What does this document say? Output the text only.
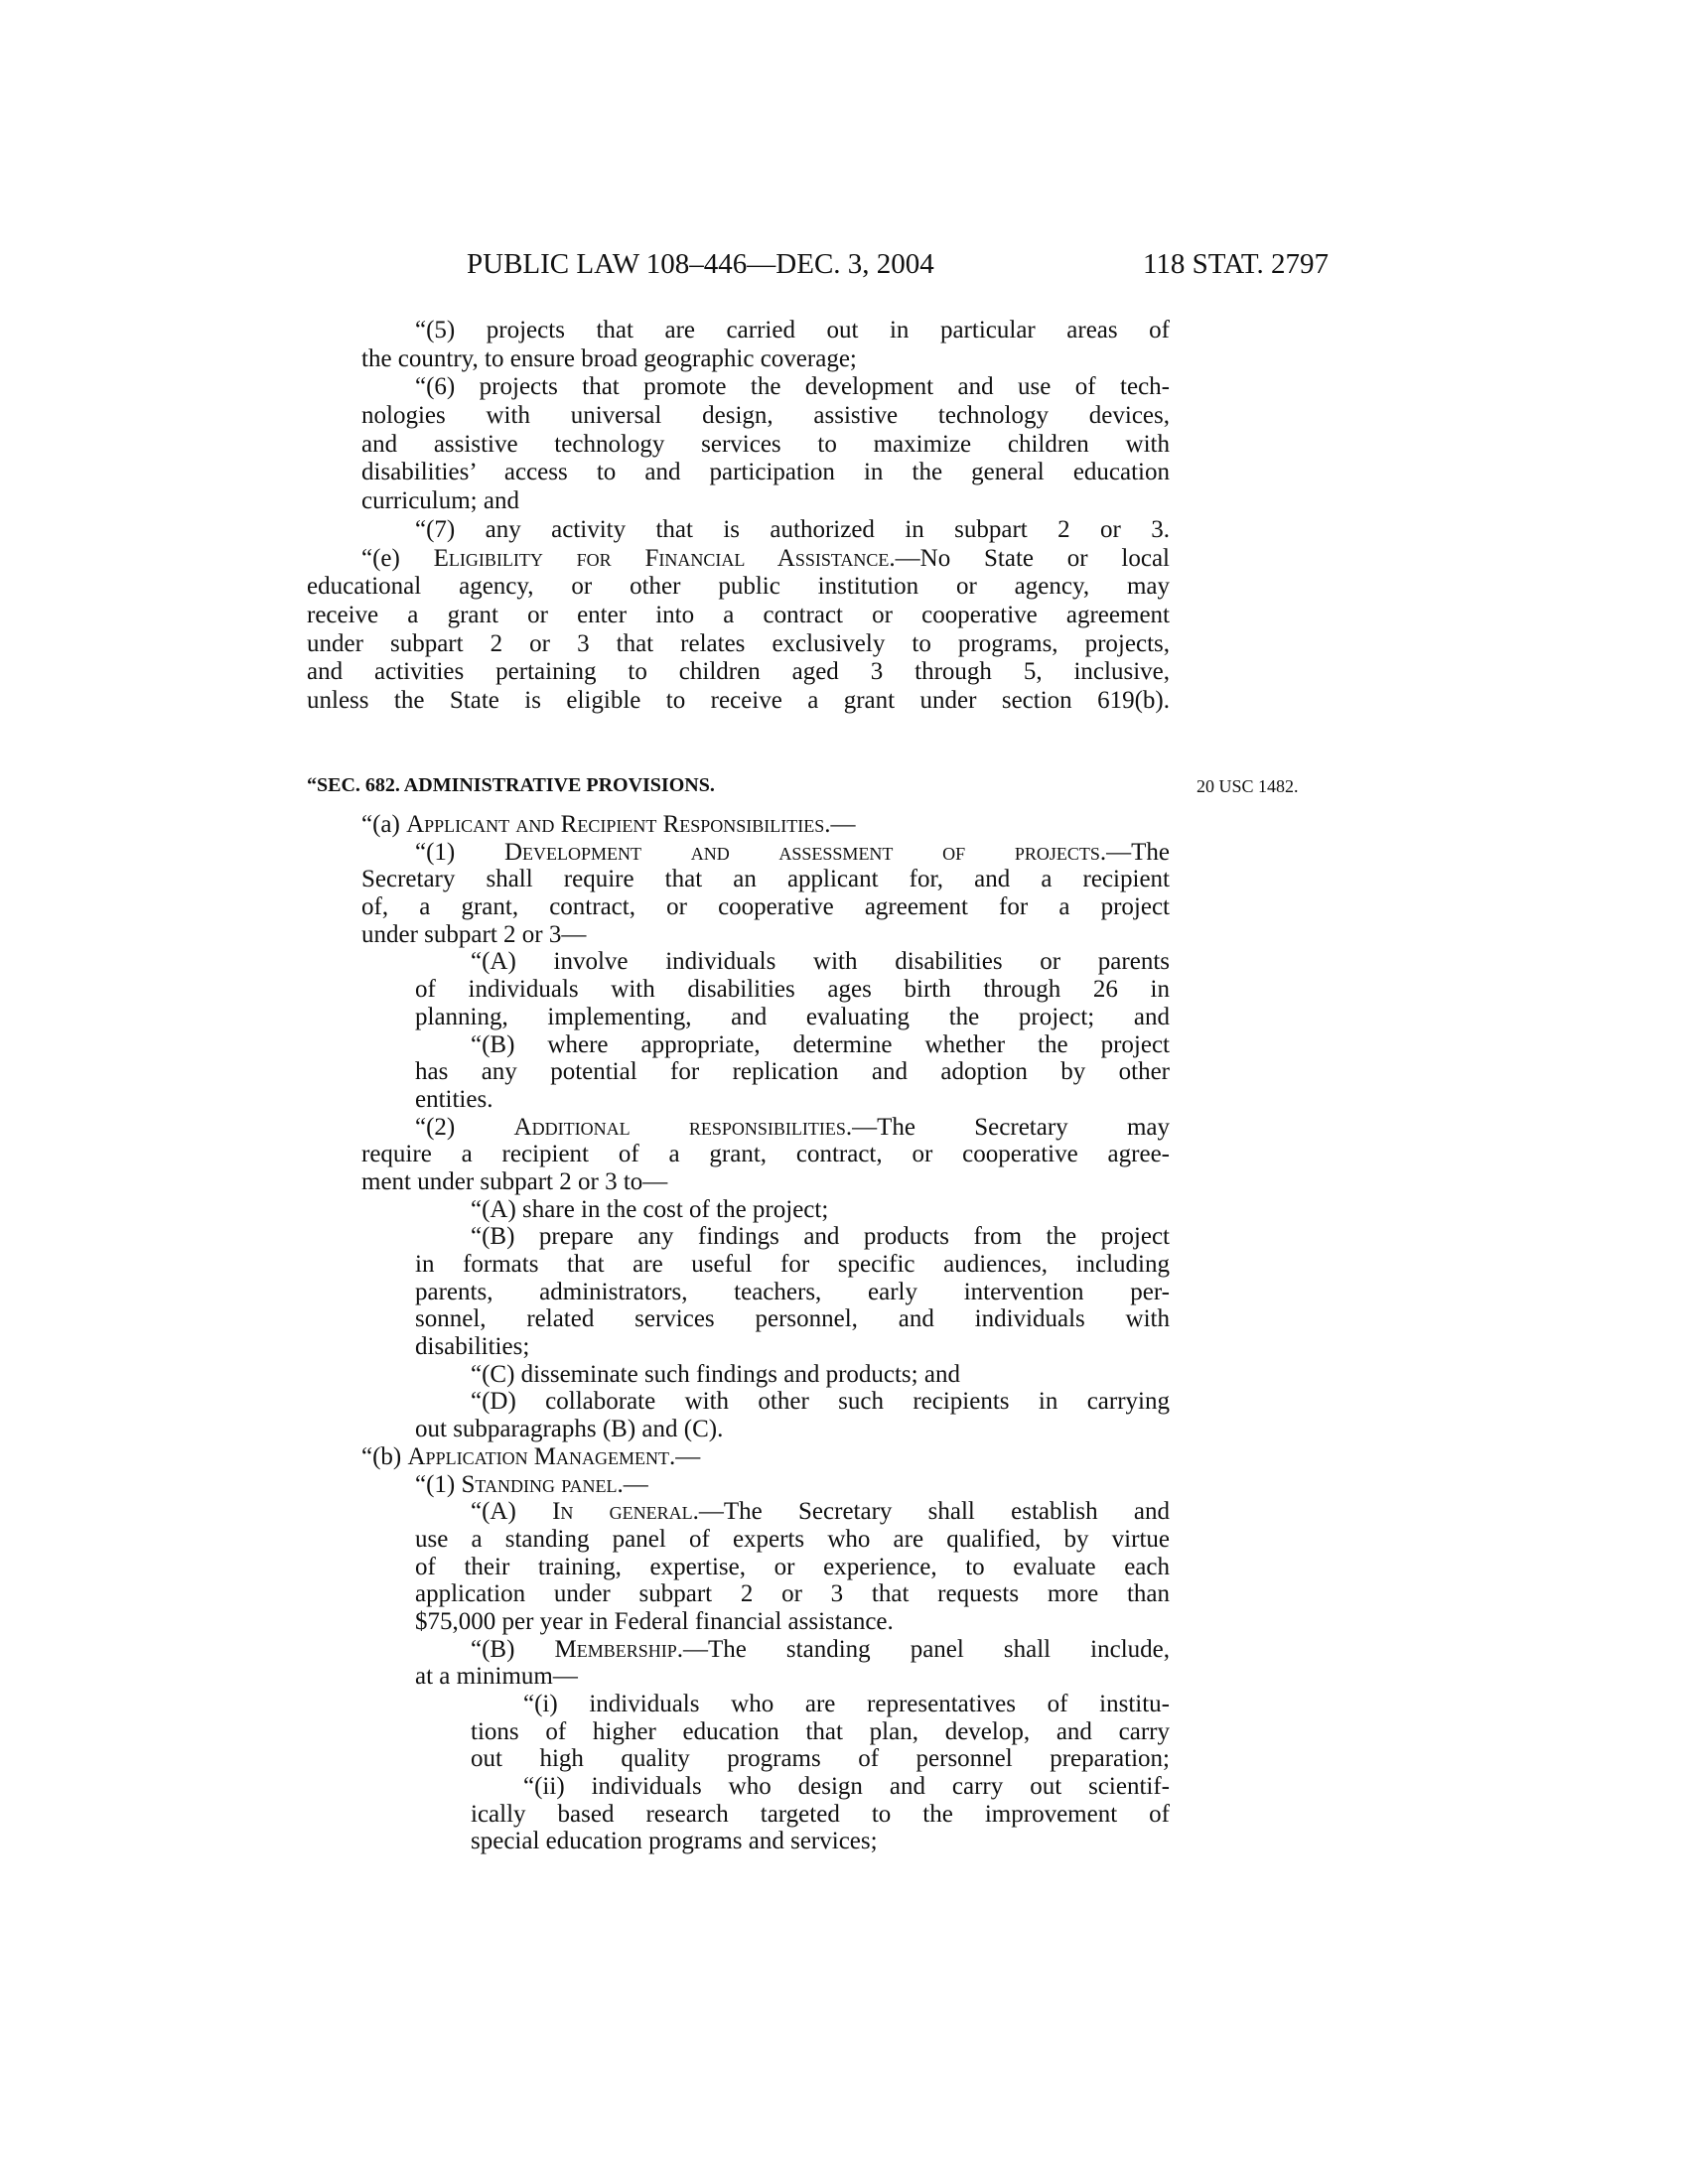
PUBLIC LAW 108–446—DEC. 3, 2004	118 STAT. 2797
“(5) projects that are carried out in particular areas of
the country, to ensure broad geographic coverage;
“(6) projects that promote the development and use of tech-
nologies with universal design, assistive technology devices,
and assistive technology services to maximize children with
disabilities’ access to and participation in the general education
curriculum; and
“(7) any activity that is authorized in subpart 2 or 3.
“(e) Eligibility for Financial Assistance.—No State or local
educational agency, or other public institution or agency, may
receive a grant or enter into a contract or cooperative agreement
under subpart 2 or 3 that relates exclusively to programs, projects,
and activities pertaining to children aged 3 through 5, inclusive,
unless the State is eligible to receive a grant under section 619(b).
“SEC. 682. ADMINISTRATIVE PROVISIONS.	20 USC 1482.
“(a) Applicant and Recipient Responsibilities.—
“(1) Development and assessment of projects.—The
Secretary shall require that an applicant for, and a recipient
of, a grant, contract, or cooperative agreement for a project
under subpart 2 or 3—
“(A) involve individuals with disabilities or parents
of individuals with disabilities ages birth through 26 in
planning, implementing, and evaluating the project; and
“(B) where appropriate, determine whether the project
has any potential for replication and adoption by other
entities.
“(2) Additional responsibilities.—The Secretary may
require a recipient of a grant, contract, or cooperative agree-
ment under subpart 2 or 3 to—
“(A) share in the cost of the project;
“(B) prepare any findings and products from the project
in formats that are useful for specific audiences, including
parents, administrators, teachers, early intervention per-
sonnel, related services personnel, and individuals with
disabilities;
“(C) disseminate such findings and products; and
“(D) collaborate with other such recipients in carrying
out subparagraphs (B) and (C).
“(b) Application Management.—
“(1) Standing panel.—
“(A) In general.—The Secretary shall establish and
use a standing panel of experts who are qualified, by virtue
of their training, expertise, or experience, to evaluate each
application under subpart 2 or 3 that requests more than
$75,000 per year in Federal financial assistance.
“(B) Membership.—The standing panel shall include,
at a minimum—
“(i) individuals who are representatives of institu-
tions of higher education that plan, develop, and carry
out high quality programs of personnel preparation;
“(ii) individuals who design and carry out scientif-
ically based research targeted to the improvement of
special education programs and services;
